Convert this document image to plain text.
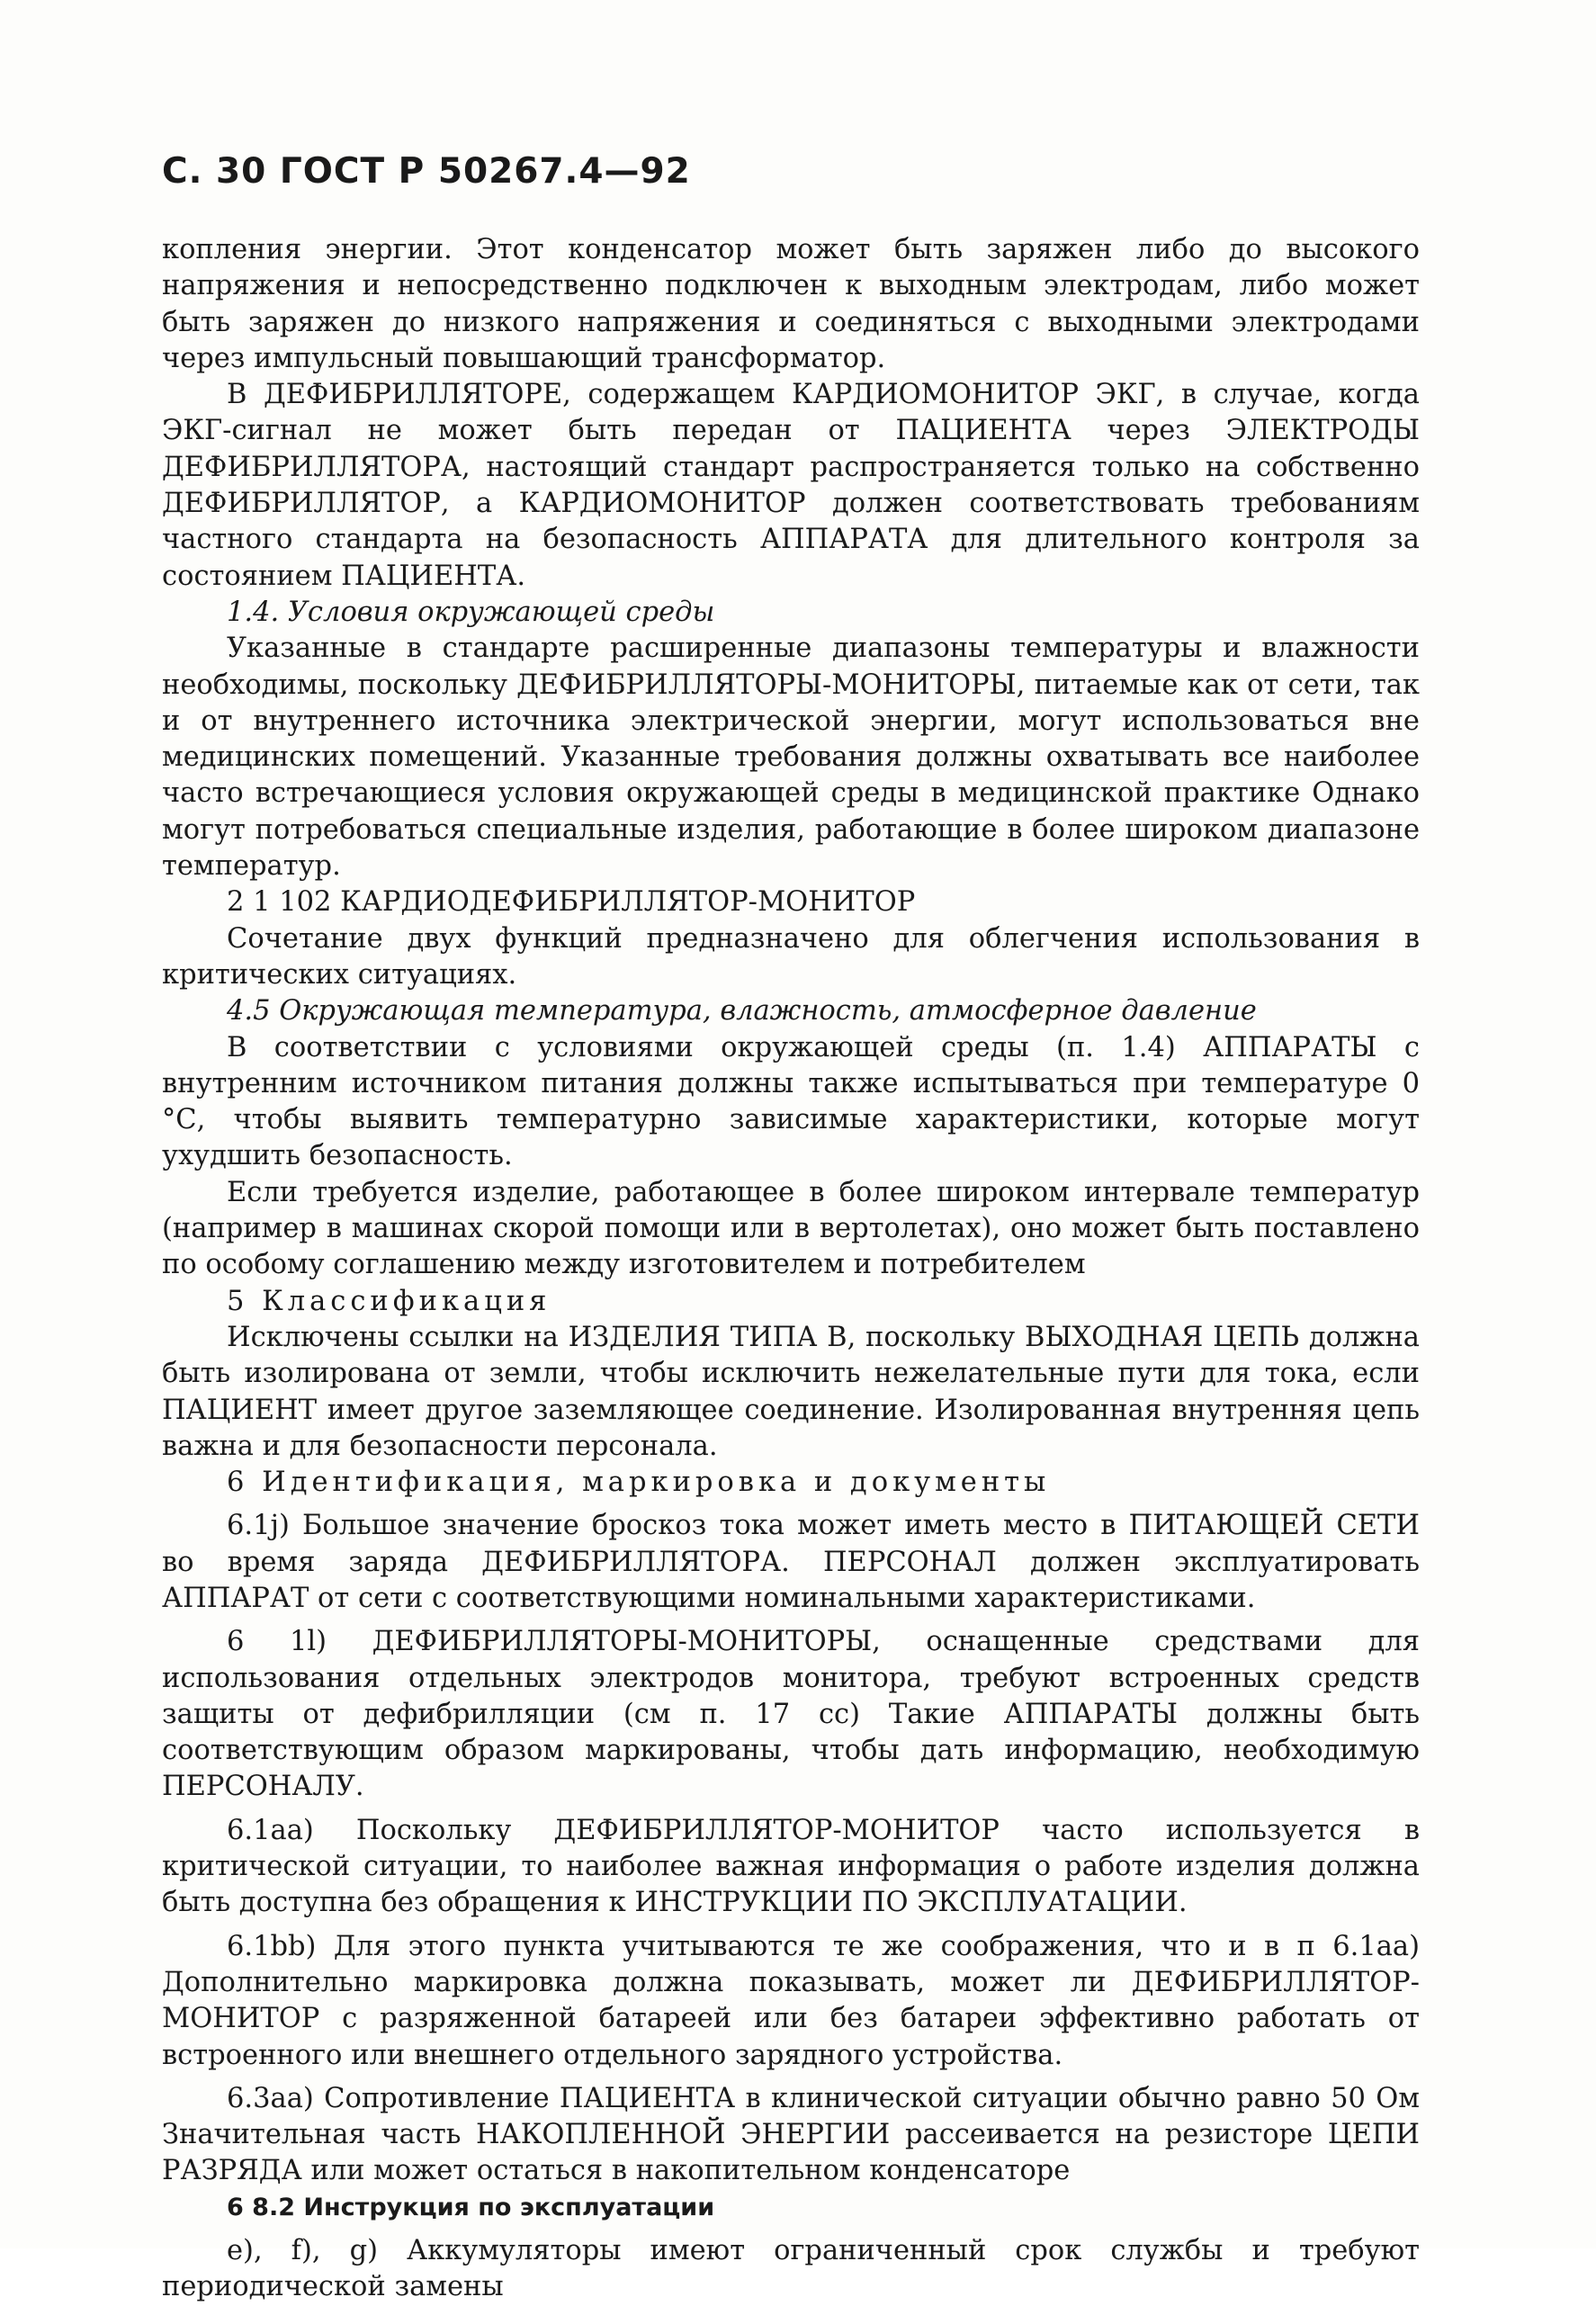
С. 30 ГОСТ Р 50267.4—92

копления энергии. Этот конденсатор может быть заряжен либо до высокого напряжения и непосредственно подключен к выходным электродам, либо может быть заряжен до низкого напряжения и соединяться с выходными электродами через импульсный повышающий трансформатор.

В ДЕФИБРИЛЛЯТОРЕ, содержащем КАРДИОМОНИТОР ЭКГ, в случае, когда ЭКГ-сигнал не может быть передан от ПАЦИЕНТА через ЭЛЕКТРОДЫ ДЕФИБРИЛЛЯТОРА, настоящий стандарт распространяется только на собственно ДЕФИБРИЛЛЯТОР, а КАРДИОМОНИТОР должен соответствовать требованиям частного стандарта на безопасность АППАРАТА для длительного контроля за состоянием ПАЦИЕНТА.

1.4. Условия окружающей среды

Указанные в стандарте расширенные диапазоны температуры и влажности необходимы, поскольку ДЕФИБРИЛЛЯТОРЫ-МОНИТОРЫ, питаемые как от сети, так и от внутреннего источника электрической энергии, могут использоваться вне медицинских помещений. Указанные требования должны охватывать все наиболее часто встречающиеся условия окружающей среды в медицинской практике Однако могут потребоваться специальные изделия, работающие в более широком диапазоне температур.

2 1 102 КАРДИОДЕФИБРИЛЛЯТОР-МОНИТОР

Сочетание двух функций предназначено для облегчения использования в критических ситуациях.

4.5 Окружающая температура, влажность, атмосферное давление

В соответствии с условиями окружающей среды (п. 1.4) АППАРАТЫ с внутренним источником питания должны также испытываться при температуре 0 °С, чтобы выявить температурно зависимые характеристики, которые могут ухудшить безопасность.

Если требуется изделие, работающее в более широком интервале температур (например в машинах скорой помощи или в вертолетах), оно может быть поставлено по особому соглашению между изготовителем и потребителем

5 Классификация

Исключены ссылки на ИЗДЕЛИЯ ТИПА В, поскольку ВЫХОДНАЯ ЦЕПЬ должна быть изолирована от земли, чтобы исключить нежелательные пути для тока, если ПАЦИЕНТ имеет другое заземляющее соединение. Изолированная внутренняя цепь важна и для безопасности персонала.

6 Идентификация, маркировка и документы

6.1j) Большое значение броскоз тока может иметь место в ПИТАЮЩЕЙ СЕТИ во время заряда ДЕФИБРИЛЛЯТОРА. ПЕРСОНАЛ должен эксплуатировать АППАРАТ от сети с соответствующими номинальными характеристиками.

6 1l) ДЕФИБРИЛЛЯТОРЫ-МОНИТОРЫ, оснащенные средствами для использования отдельных электродов монитора, требуют встроенных средств защиты от дефибрилляции (см п. 17 сс) Такие АППАРАТЫ должны быть соответствующим образом маркированы, чтобы дать информацию, необходимую ПЕРСОНАЛУ.

6.1аа) Поскольку ДЕФИБРИЛЛЯТОР-МОНИТОР часто используется в критической ситуации, то наиболее важная информация о работе изделия должна быть доступна без обращения к ИНСТРУКЦИИ ПО ЭКСПЛУАТАЦИИ.

6.1bb) Для этого пункта учитываются те же соображения, что и в п 6.1аа) Дополнительно маркировка должна показывать, может ли ДЕФИБРИЛЛЯТОР-МОНИТОР с разряженной батареей или без батареи эффективно работать от встроенного или внешнего отдельного зарядного устройства.

6.3аа) Сопротивление ПАЦИЕНТА в клинической ситуации обычно равно 50 Ом Значительная часть НАКОПЛЕННОЙ ЭНЕРГИИ рассеивается на резисторе ЦЕПИ РАЗРЯДА или может остаться в накопительном конденсаторе

6 8.2 Инструкция по эксплуатации

е), f), g) Аккумуляторы имеют ограниченный срок службы и требуют периодической замены
